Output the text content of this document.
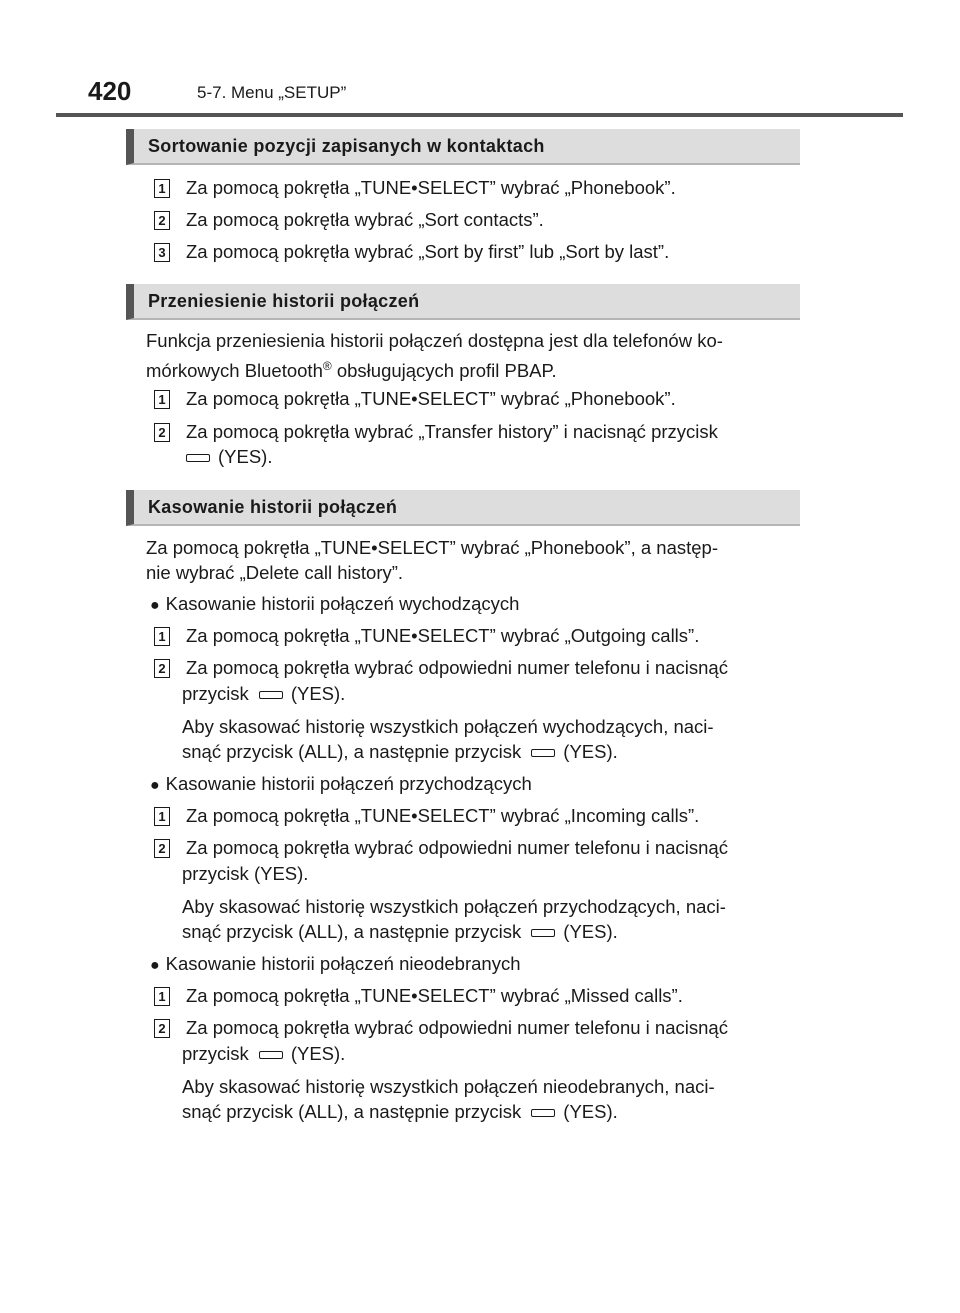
420	5-7. Menu „SETUP”
Sortowanie pozycji zapisanych w kontaktach
1 Za pomocą pokrętła „TUNE•SELECT” wybrać „Phonebook”.
2 Za pomocą pokrętła wybrać „Sort contacts”.
3 Za pomocą pokrętła wybrać „Sort by first” lub „Sort by last”.
Przeniesienie historii połączeń
Funkcja przeniesienia historii połączeń dostępna jest dla telefonów ko-
mórkowych Bluetooth® obsługujących profil PBAP.
1 Za pomocą pokrętła „TUNE•SELECT” wybrać „Phonebook”.
2 Za pomocą pokrętła wybrać „Transfer history” i nacisnąć przycisk
(YES).
Kasowanie historii połączeń
Za pomocą pokrętła „TUNE•SELECT” wybrać „Phonebook”, a następ-
nie wybrać „Delete call history”.
● Kasowanie historii połączeń wychodzących
1 Za pomocą pokrętła „TUNE•SELECT” wybrać „Outgoing calls”.
2 Za pomocą pokrętła wybrać odpowiedni numer telefonu i nacisnąć
przycisk (YES).
Aby skasować historię wszystkich połączeń wychodzących, naci-
snąć przycisk (ALL), a następnie przycisk (YES).
● Kasowanie historii połączeń przychodzących
1 Za pomocą pokrętła „TUNE•SELECT” wybrać „Incoming calls”.
2 Za pomocą pokrętła wybrać odpowiedni numer telefonu i nacisnąć
przycisk (YES).
Aby skasować historię wszystkich połączeń przychodzących, naci-
snąć przycisk (ALL), a następnie przycisk (YES).
● Kasowanie historii połączeń nieodebranych
1 Za pomocą pokrętła „TUNE•SELECT” wybrać „Missed calls”.
2 Za pomocą pokrętła wybrać odpowiedni numer telefonu i nacisnąć
przycisk (YES).
Aby skasować historię wszystkich połączeń nieodebranych, naci-
snąć przycisk (ALL), a następnie przycisk (YES).
